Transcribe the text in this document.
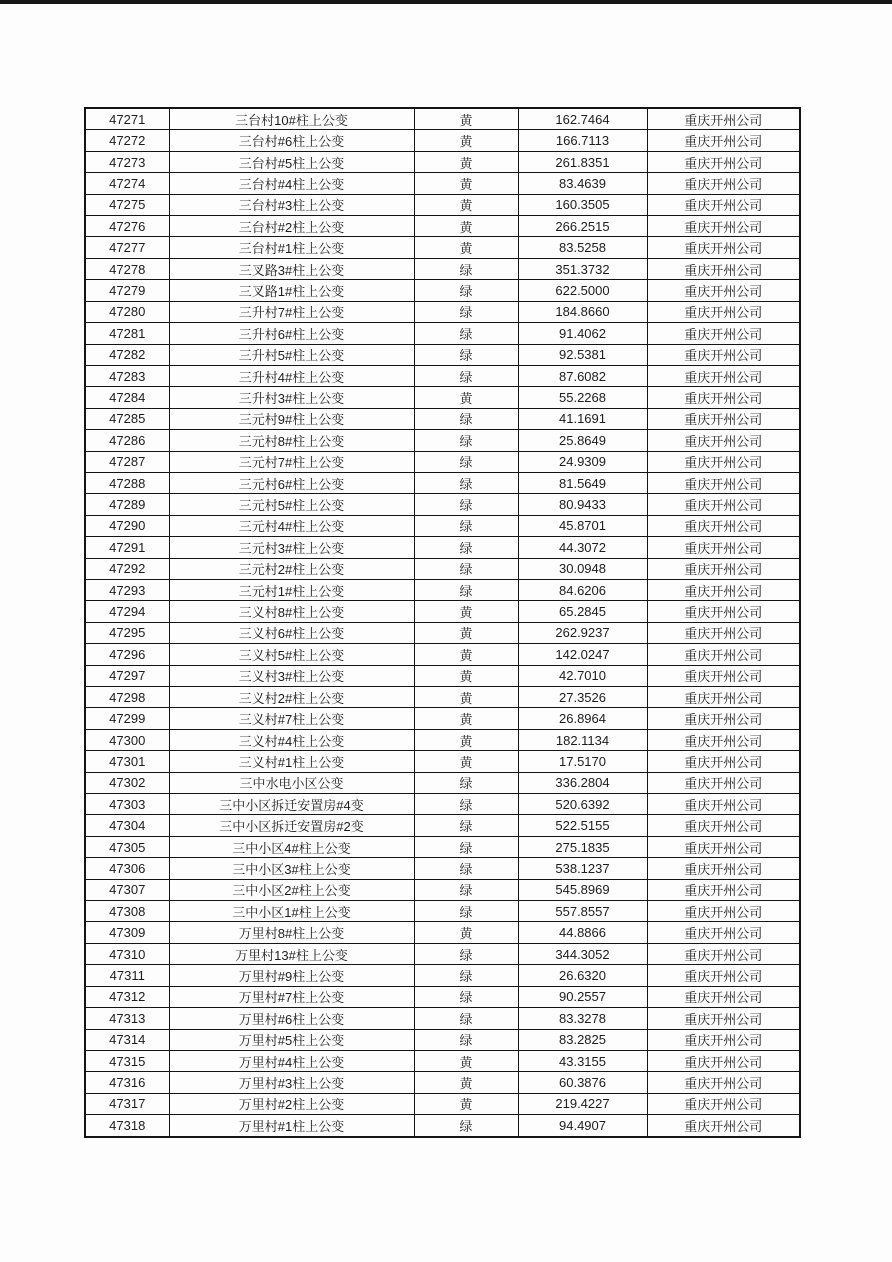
47271	三台村10#柱上公变	黄	162.7464	重庆开州公司
47272	三台村#6柱上公变	黄	166.7113	重庆开州公司
47273	三台村#5柱上公变	黄	261.8351	重庆开州公司
47274	三台村#4柱上公变	黄	83.4639	重庆开州公司
47275	三台村#3柱上公变	黄	160.3505	重庆开州公司
47276	三台村#2柱上公变	黄	266.2515	重庆开州公司
47277	三台村#1柱上公变	黄	83.5258	重庆开州公司
47278	三叉路3#柱上公变	绿	351.3732	重庆开州公司
47279	三叉路1#柱上公变	绿	622.5000	重庆开州公司
47280	三升村7#柱上公变	绿	184.8660	重庆开州公司
47281	三升村6#柱上公变	绿	91.4062	重庆开州公司
47282	三升村5#柱上公变	绿	92.5381	重庆开州公司
47283	三升村4#柱上公变	绿	87.6082	重庆开州公司
47284	三升村3#柱上公变	黄	55.2268	重庆开州公司
47285	三元村9#柱上公变	绿	41.1691	重庆开州公司
47286	三元村8#柱上公变	绿	25.8649	重庆开州公司
47287	三元村7#柱上公变	绿	24.9309	重庆开州公司
47288	三元村6#柱上公变	绿	81.5649	重庆开州公司
47289	三元村5#柱上公变	绿	80.9433	重庆开州公司
47290	三元村4#柱上公变	绿	45.8701	重庆开州公司
47291	三元村3#柱上公变	绿	44.3072	重庆开州公司
47292	三元村2#柱上公变	绿	30.0948	重庆开州公司
47293	三元村1#柱上公变	绿	84.6206	重庆开州公司
47294	三义村8#柱上公变	黄	65.2845	重庆开州公司
47295	三义村6#柱上公变	黄	262.9237	重庆开州公司
47296	三义村5#柱上公变	黄	142.0247	重庆开州公司
47297	三义村3#柱上公变	黄	42.7010	重庆开州公司
47298	三义村2#柱上公变	黄	27.3526	重庆开州公司
47299	三义村#7柱上公变	黄	26.8964	重庆开州公司
47300	三义村#4柱上公变	黄	182.1134	重庆开州公司
47301	三义村#1柱上公变	黄	17.5170	重庆开州公司
47302	三中水电小区公变	绿	336.2804	重庆开州公司
47303	三中小区拆迁安置房#4变	绿	520.6392	重庆开州公司
47304	三中小区拆迁安置房#2变	绿	522.5155	重庆开州公司
47305	三中小区4#柱上公变	绿	275.1835	重庆开州公司
47306	三中小区3#柱上公变	绿	538.1237	重庆开州公司
47307	三中小区2#柱上公变	绿	545.8969	重庆开州公司
47308	三中小区1#柱上公变	绿	557.8557	重庆开州公司
47309	万里村8#柱上公变	黄	44.8866	重庆开州公司
47310	万里村13#柱上公变	绿	344.3052	重庆开州公司
47311	万里村#9柱上公变	绿	26.6320	重庆开州公司
47312	万里村#7柱上公变	绿	90.2557	重庆开州公司
47313	万里村#6柱上公变	绿	83.3278	重庆开州公司
47314	万里村#5柱上公变	绿	83.2825	重庆开州公司
47315	万里村#4柱上公变	黄	43.3155	重庆开州公司
47316	万里村#3柱上公变	黄	60.3876	重庆开州公司
47317	万里村#2柱上公变	黄	219.4227	重庆开州公司
47318	万里村#1柱上公变	绿	94.4907	重庆开州公司
